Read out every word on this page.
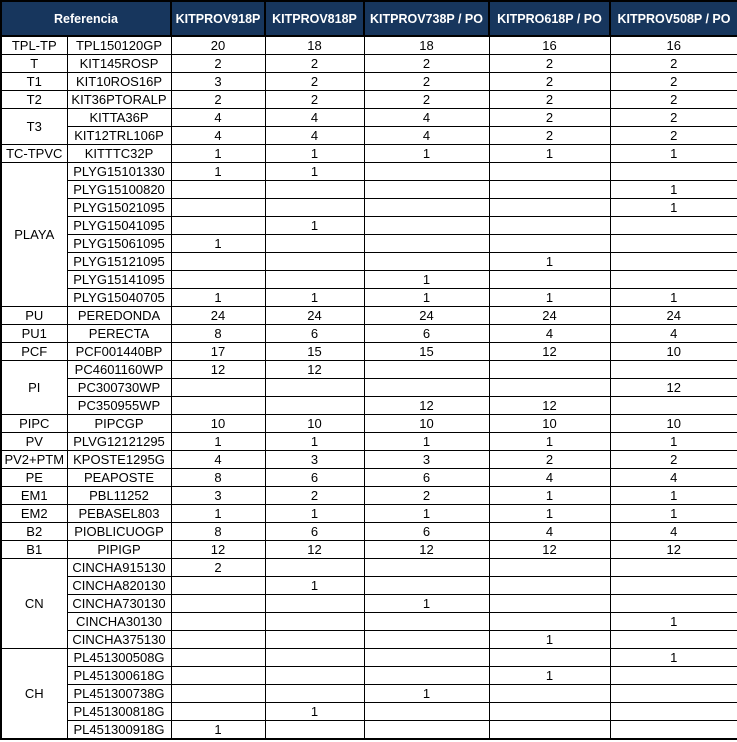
Referencia		KITPROV918P	KITPROV818P	KITPROV738P / PO	KITPRO618P / PO	KITPROV508P / PO
TPL-TP	TPL150120GP	20	18	18	16	16
T	KIT145ROSP	2	2	2	2	2
T1	KIT10ROS16P	3	2	2	2	2
T2	KIT36PTORALP	2	2	2	2	2
T3	KITTA36P	4	4	4	2	2
	KIT12TRL106P	4	4	4	2	2
TC-TPVC	KITTTC32P	1	1	1	1	1
PLAYA	PLYG15101330	1	1			
	PLYG15100820					1
	PLYG15021095					1
	PLYG15041095		1			
	PLYG15061095	1				
	PLYG15121095				1	
	PLYG15141095			1		
	PLYG15040705	1	1	1	1	1
PU	PEREDONDA	24	24	24	24	24
PU1	PERECTA	8	6	6	4	4
PCF	PCF001440BP	17	15	15	12	10
PI	PC4601160WP	12	12			
	PC300730WP					12
	PC350955WP			12	12	
PIPC	PIPCGP	10	10	10	10	10
PV	PLVG12121295	1	1	1	1	1
PV2+PTM	KPOSTE1295G	4	3	3	2	2
PE	PEAPOSTE	8	6	6	4	4
EM1	PBL11252	3	2	2	1	1
EM2	PEBASEL803	1	1	1	1	1
B2	PIOBLICUOGP	8	6	6	4	4
B1	PIPIGP	12	12	12	12	12
CN	CINCHA915130	2				
	CINCHA820130		1			
	CINCHA730130			1		
	CINCHA30130					1
	CINCHA375130				1	
CH	PL451300508G					1
	PL451300618G				1	
	PL451300738G			1		
	PL451300818G		1			
	PL451300918G	1				
